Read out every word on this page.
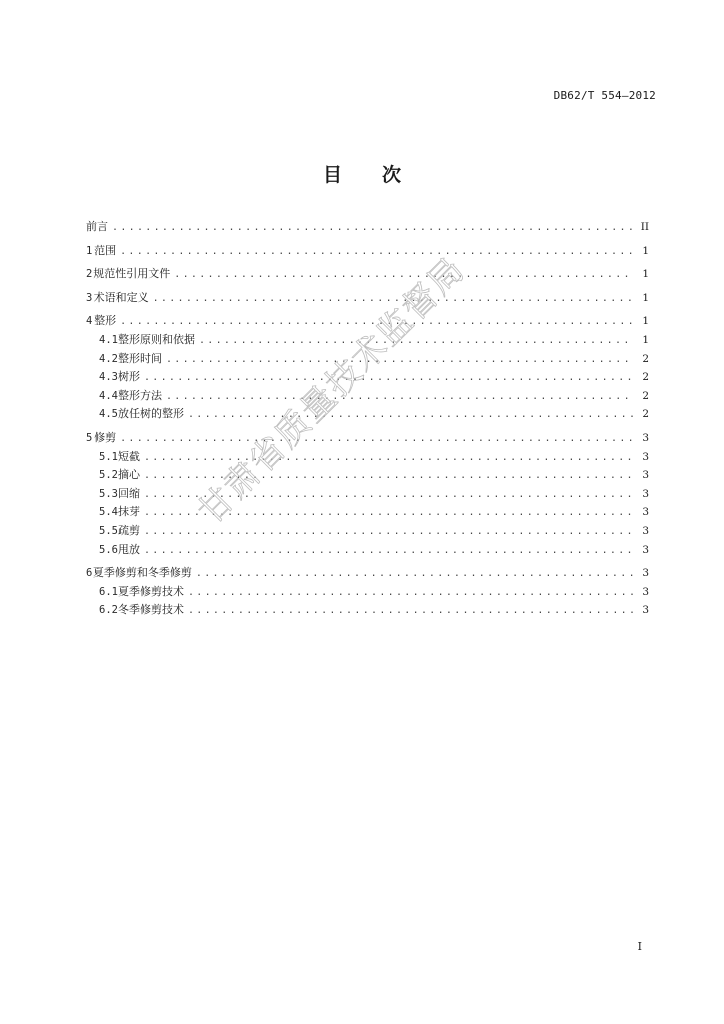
DB62/T 554—2012
目 次
前言 .....	II
1 范围 .....	1
2 规范性引用文件 .....	1
3 术语和定义 .....	1
4 整形 .....	1
4.1 整形原则和依据 .....	1
4.2 整形时间 .....	2
4.3 树形 .....	2
4.4 整形方法 .....	2
4.5 放任树的整形 .....	2
5 修剪 .....	3
5.1 短截 .....	3
5.2 摘心 .....	3
5.3 回缩 .....	3
5.4 抹芽 .....	3
5.5 疏剪 .....	3
5.6 甩放 .....	3
6 夏季修剪和冬季修剪 .....	3
6.1 夏季修剪技术 .....	3
6.2 冬季修剪技术 .....	3
甘肃省质量技术监督局
I
